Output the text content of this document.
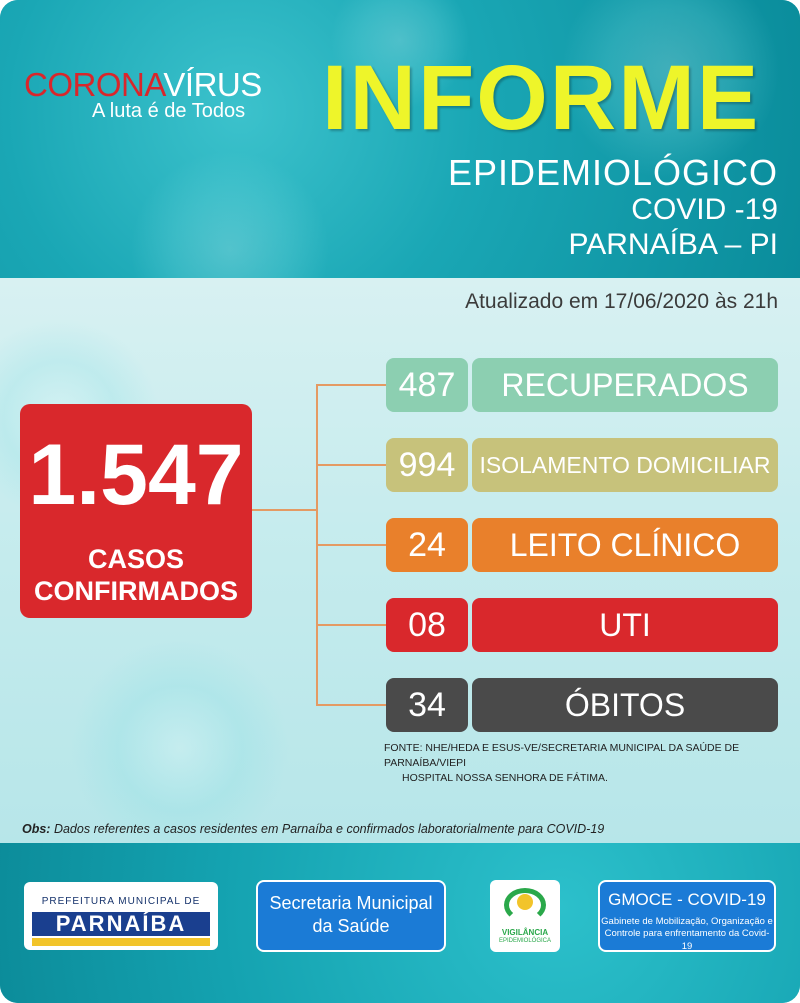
CORONAVÍRUS
A luta é de Todos INFORME
EPIDEMIOLÓGICO
COVID -19
PARNAÍBA – PI
Atualizado em 17/06/2020 às 21h
1.547
CASOS
CONFIRMADOS
487	RECUPERADOS
994	ISOLAMENTO DOMICILIAR
24	LEITO CLÍNICO
08	UTI
34	ÓBITOS
FONTE: NHE/HEDA E ESUS-VE/SECRETARIA MUNICIPAL DA SAÚDE DE PARNAÍBA/VIEPI
HOSPITAL NOSSA SENHORA DE FÁTIMA.
Obs: Dados referentes a casos residentes em Parnaíba e confirmados laboratorialmente para COVID-19
PREFEITURA MUNICIPAL DE
PARNAÍBA
Secretaria Municipal
da Saúde	VIGILÂNCIA
EPIDEMIOLÓGICA
GMOCE - COVID-19
Gabinete de Mobilização, Organização e
Controle para enfrentamento da Covid-19
